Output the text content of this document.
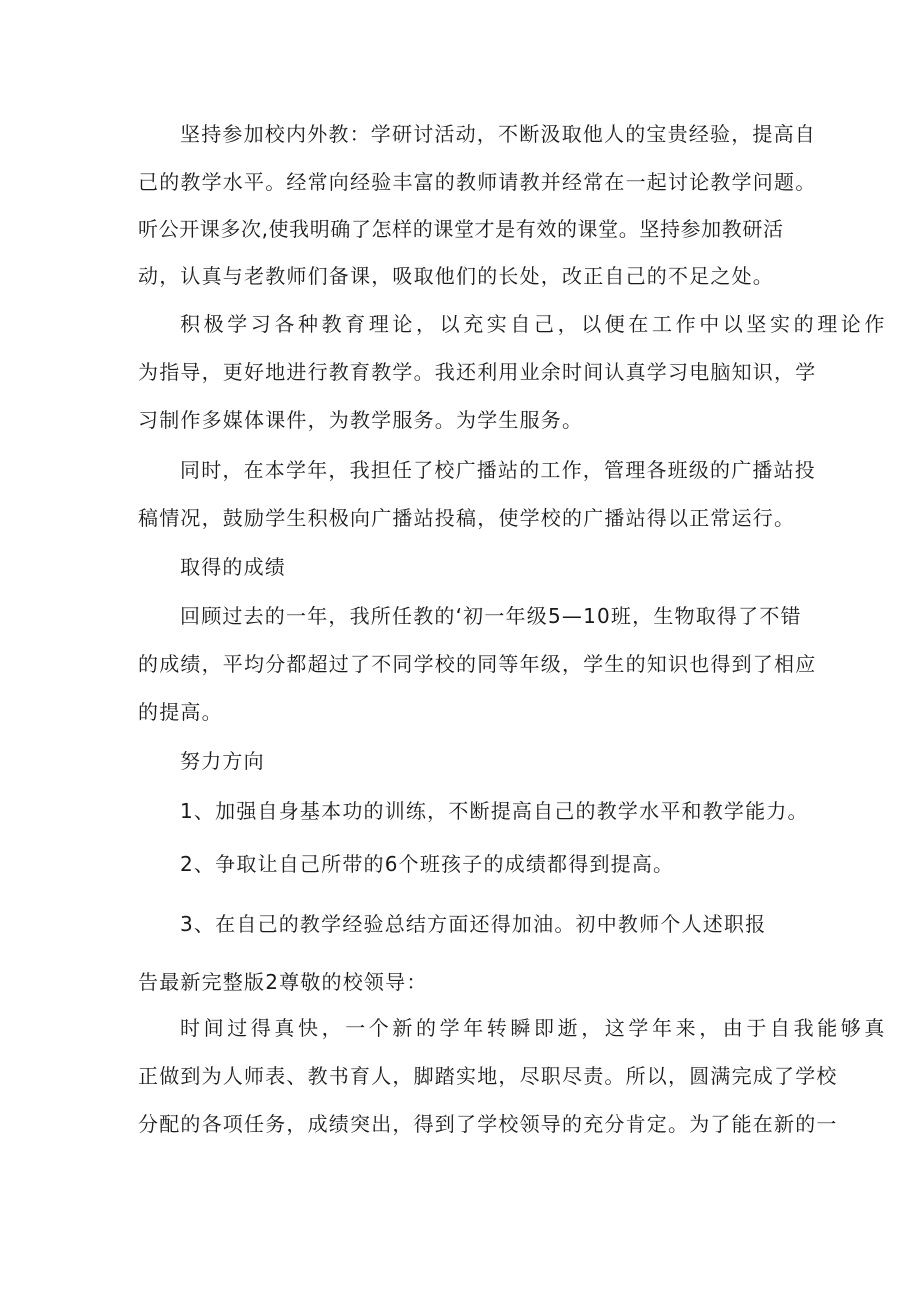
坚持参加校内外教：学研讨活动，不断汲取他人的宝贵经验，提高自
己的教学水平。经常向经验丰富的教师请教并经常在一起讨论教学问题。
听公开课多次,使我明确了怎样的课堂才是有效的课堂。坚持参加教研活
动，认真与老教师们备课，吸取他们的长处，改正自己的不足之处。
积极学习各种教育理论，以充实自己，以便在工作中以坚实的理论作
为指导，更好地进行教育教学。我还利用业余时间认真学习电脑知识，学
习制作多媒体课件，为教学服务。为学生服务。
同时，在本学年，我担任了校广播站的工作，管理各班级的广播站投
稿情况，鼓励学生积极向广播站投稿，使学校的广播站得以正常运行。
取得的成绩
回顾过去的一年，我所任教的‘初一年级5—10班，生物取得了不错
的成绩，平均分都超过了不同学校的同等年级，学生的知识也得到了相应
的提高。
努力方向
1、加强自身基本功的训练，不断提高自己的教学水平和教学能力。
2、争取让自己所带的6个班孩子的成绩都得到提高。
3、在自己的教学经验总结方面还得加油。初中教师个人述职报
告最新完整版2尊敬的校领导：
时间过得真快，一个新的学年转瞬即逝，这学年来，由于自我能够真
正做到为人师表、教书育人，脚踏实地，尽职尽责。所以，圆满完成了学校
分配的各项任务，成绩突出，得到了学校领导的充分肯定。为了能在新的一
